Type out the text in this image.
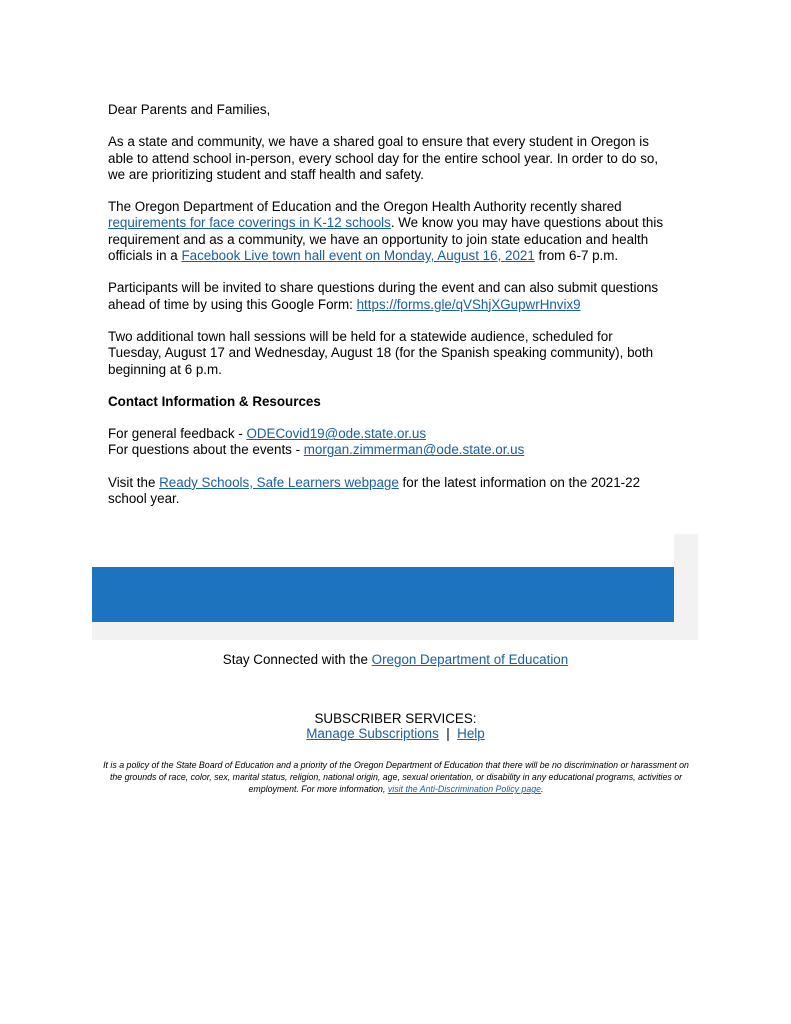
Dear Parents and Families,

As a state and community, we have a shared goal to ensure that every student in Oregon is able to attend school in-person, every school day for the entire school year. In order to do so, we are prioritizing student and staff health and safety.

The Oregon Department of Education and the Oregon Health Authority recently shared requirements for face coverings in K-12 schools. We know you may have questions about this requirement and as a community, we have an opportunity to join state education and health officials in a Facebook Live town hall event on Monday, August 16, 2021 from 6-7 p.m.

Participants will be invited to share questions during the event and can also submit questions ahead of time by using this Google Form: https://forms.gle/qVShjXGupwrHnvix9

Two additional town hall sessions will be held for a statewide audience, scheduled for Tuesday, August 17 and Wednesday, August 18 (for the Spanish speaking community), both beginning at 6 p.m.

Contact Information & Resources

For general feedback - ODECovid19@ode.state.or.us
For questions about the events - morgan.zimmerman@ode.state.or.us

Visit the Ready Schools, Safe Learners webpage for the latest information on the 2021-22 school year.

Stay Connected with the Oregon Department of Education
SUBSCRIBER SERVICES:
Manage Subscriptions | Help
It is a policy of the State Board of Education and a priority of the Oregon Department of Education that there will be no discrimination or harassment on the grounds of race, color, sex, marital status, religion, national origin, age, sexual orientation, or disability in any educational programs, activities or employment. For more information, visit the Anti-Discrimination Policy page.
